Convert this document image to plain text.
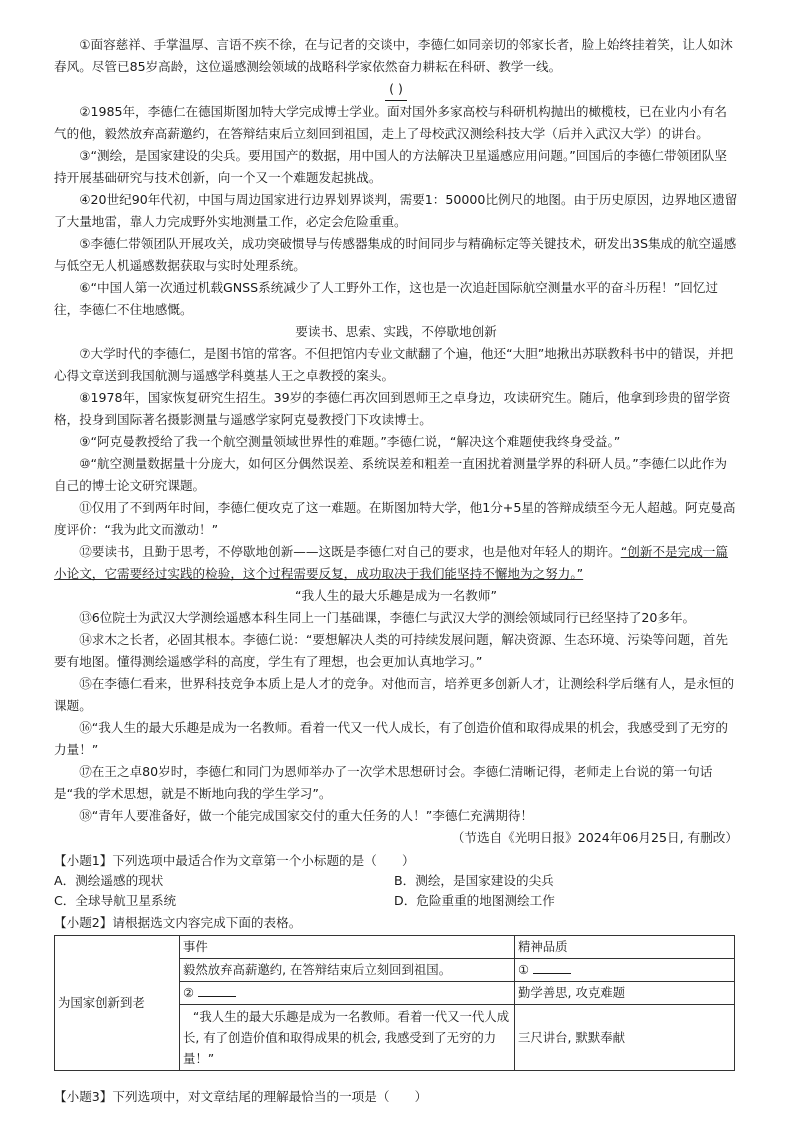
①面容慈祥、手掌温厚、言语不疾不徐，在与记者的交谈中，李德仁如同亲切的邻家长者，脸上始终挂着笑，让人如沐春风。尽管已85岁高龄，这位遥感测绘领域的战略科学家依然奋力耕耘在科研、教学一线。

( )

②1985年，李德仁在德国斯图加特大学完成博士学业。面对国外多家高校与科研机构抛出的橄榄枝，已在业内小有名气的他，毅然放弃高薪邀约，在答辩结束后立刻回到祖国，走上了母校武汉测绘科技大学（后并入武汉大学）的讲台。

③“测绘，是国家建设的尖兵。要用国产的数据，用中国人的方法解决卫星遥感应用问题。”回国后的李德仁带领团队坚持开展基础研究与技术创新，向一个又一个难题发起挑战。

④20世纪90年代初，中国与周边国家进行边界划界谈判，需要1：50000比例尺的地图。由于历史原因，边界地区遗留了大量地雷，靠人力完成野外实地测量工作，必定会危险重重。

⑤李德仁带领团队开展攻关，成功突破惯导与传感器集成的时间同步与精确标定等关键技术，研发出3S集成的航空遥感与低空无人机遥感数据获取与实时处理系统。

⑥“中国人第一次通过机载GNSS系统减少了人工野外工作，这也是一次追赶国际航空测量水平的奋斗历程！”回忆过往，李德仁不住地感慨。

要读书、思索、实践，不停歇地创新

⑦大学时代的李德仁，是图书馆的常客。不但把馆内专业文献翻了个遍，他还“大胆”地揪出苏联教科书中的错误，并把心得文章送到我国航测与遥感学科奠基人王之卓教授的案头。

⑧1978年，国家恢复研究生招生。39岁的李德仁再次回到恩师王之卓身边，攻读研究生。随后，他拿到珍贵的留学资格，投身到国际著名摄影测量与遥感学家阿克曼教授门下攻读博士。

⑨“阿克曼教授给了我一个航空测量领域世界性的难题。”李德仁说，“解决这个难题使我终身受益。”

⑩“航空测量数据量十分庞大，如何区分偶然误差、系统误差和粗差一直困扰着测量学界的科研人员。”李德仁以此作为自己的博士论文研究课题。

⑪仅用了不到两年时间，李德仁便攻克了这一难题。在斯图加特大学，他1分+5星的答辩成绩至今无人超越。阿克曼高度评价：“我为此文而激动！”

⑫要读书，且勤于思考，不停歇地创新——这既是李德仁对自己的要求，也是他对年轻人的期许。“创新不是完成一篇小论文，它需要经过实践的检验，这个过程需要反复，成功取决于我们能坚持不懈地为之努力。”

“我人生的最大乐趣是成为一名教师”

⑬6位院士为武汉大学测绘遥感本科生同上一门基础课，李德仁与武汉大学的测绘领域同行已经坚持了20多年。

⑭求木之长者，必固其根本。李德仁说：“要想解决人类的可持续发展问题，解决资源、生态环境、污染等问题，首先要有地图。懂得测绘遥感学科的高度，学生有了理想，也会更加认真地学习。”

⑮在李德仁看来，世界科技竞争本质上是人才的竞争。对他而言，培养更多创新人才，让测绘科学后继有人，是永恒的课题。

⑯“我人生的最大乐趣是成为一名教师。看着一代又一代人成长，有了创造价值和取得成果的机会，我感受到了无穷的力量！”

⑰在王之卓80岁时，李德仁和同门为恩师举办了一次学术思想研讨会。李德仁清晰记得，老师走上台说的第一句话是“我的学术思想，就是不断地向我的学生学习”。

⑱“青年人要准备好，做一个能完成国家交付的重大任务的人！”李德仁充满期待！

（节选自《光明日报》2024年06月25日, 有删改）

【小题1】下列选项中最适合作为文章第一个小标题的是（　　）

A．测绘遥感的现状	B．测绘，是国家建设的尖兵
C．全球导航卫星系统	D．危险重重的地图测绘工作

【小题2】请根据选文内容完成下面的表格。

为国家创新到老	事件	精神品质
	毅然放弃高薪邀约, 在答辩结束后立刻回到祖国。	①
	②	勤学善思, 攻克难题
	“我人生的最大乐趣是成为一名教师。看着一代又一代人成长, 有了创造价值和取得成果的机会, 我感受到了无穷的力量！”	三尺讲台, 默默奉献

【小题3】下列选项中，对文章结尾的理解最恰当的一项是（　　）
